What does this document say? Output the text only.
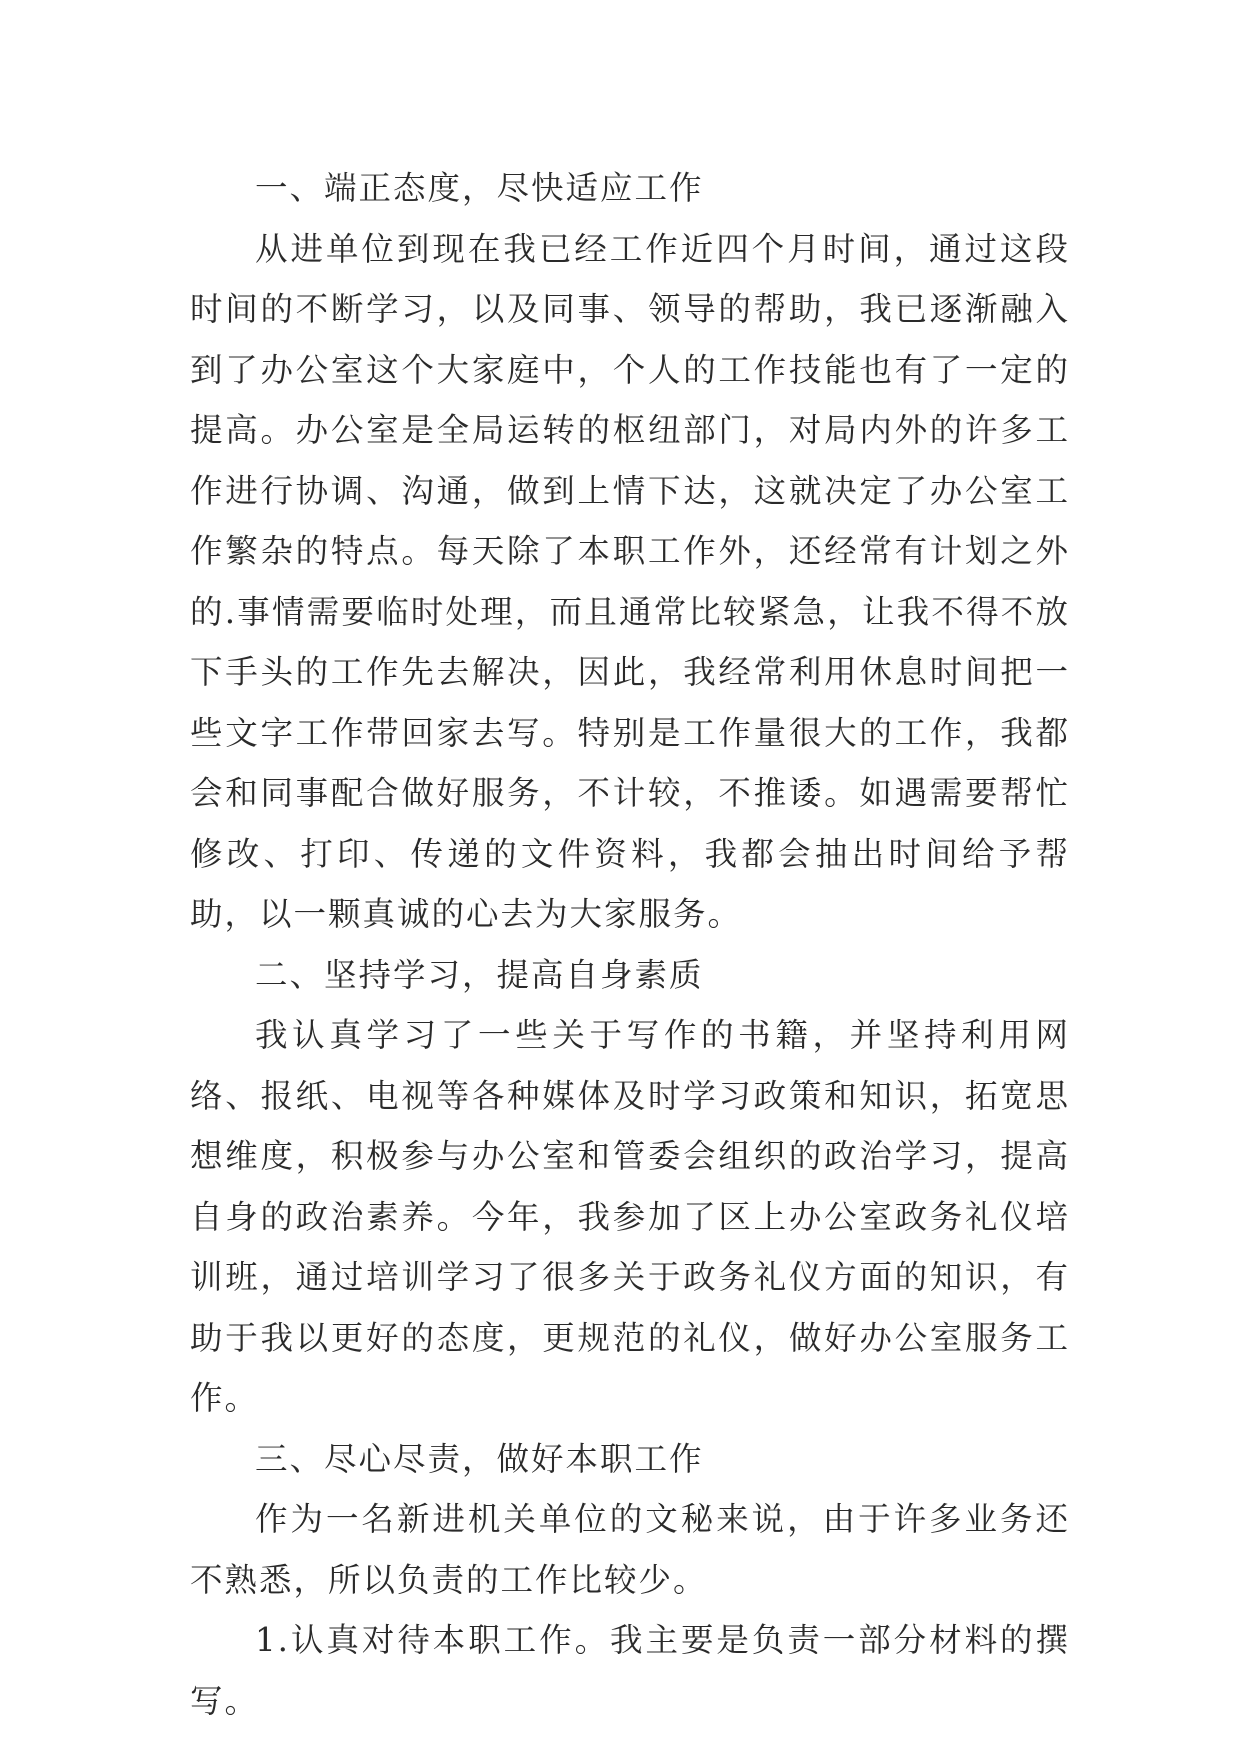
一、端正态度，尽快适应工作

从进单位到现在我已经工作近四个月时间，通过这段时间的不断学习，以及同事、领导的帮助，我已逐渐融入到了办公室这个大家庭中，个人的工作技能也有了一定的提高。办公室是全局运转的枢纽部门，对局内外的许多工作进行协调、沟通，做到上情下达，这就决定了办公室工作繁杂的特点。每天除了本职工作外，还经常有计划之外的.事情需要临时处理，而且通常比较紧急，让我不得不放下手头的工作先去解决，因此，我经常利用休息时间把一些文字工作带回家去写。特别是工作量很大的工作，我都会和同事配合做好服务，不计较，不推诿。如遇需要帮忙修改、打印、传递的文件资料，我都会抽出时间给予帮助，以一颗真诚的心去为大家服务。

二、坚持学习，提高自身素质

我认真学习了一些关于写作的书籍，并坚持利用网络、报纸、电视等各种媒体及时学习政策和知识，拓宽思想维度，积极参与办公室和管委会组织的政治学习，提高自身的政治素养。今年，我参加了区上办公室政务礼仪培训班，通过培训学习了很多关于政务礼仪方面的知识，有助于我以更好的态度，更规范的礼仪，做好办公室服务工作。

三、尽心尽责，做好本职工作

作为一名新进机关单位的文秘来说，由于许多业务还不熟悉，所以负责的工作比较少。

1.认真对待本职工作。我主要是负责一部分材料的撰写。
